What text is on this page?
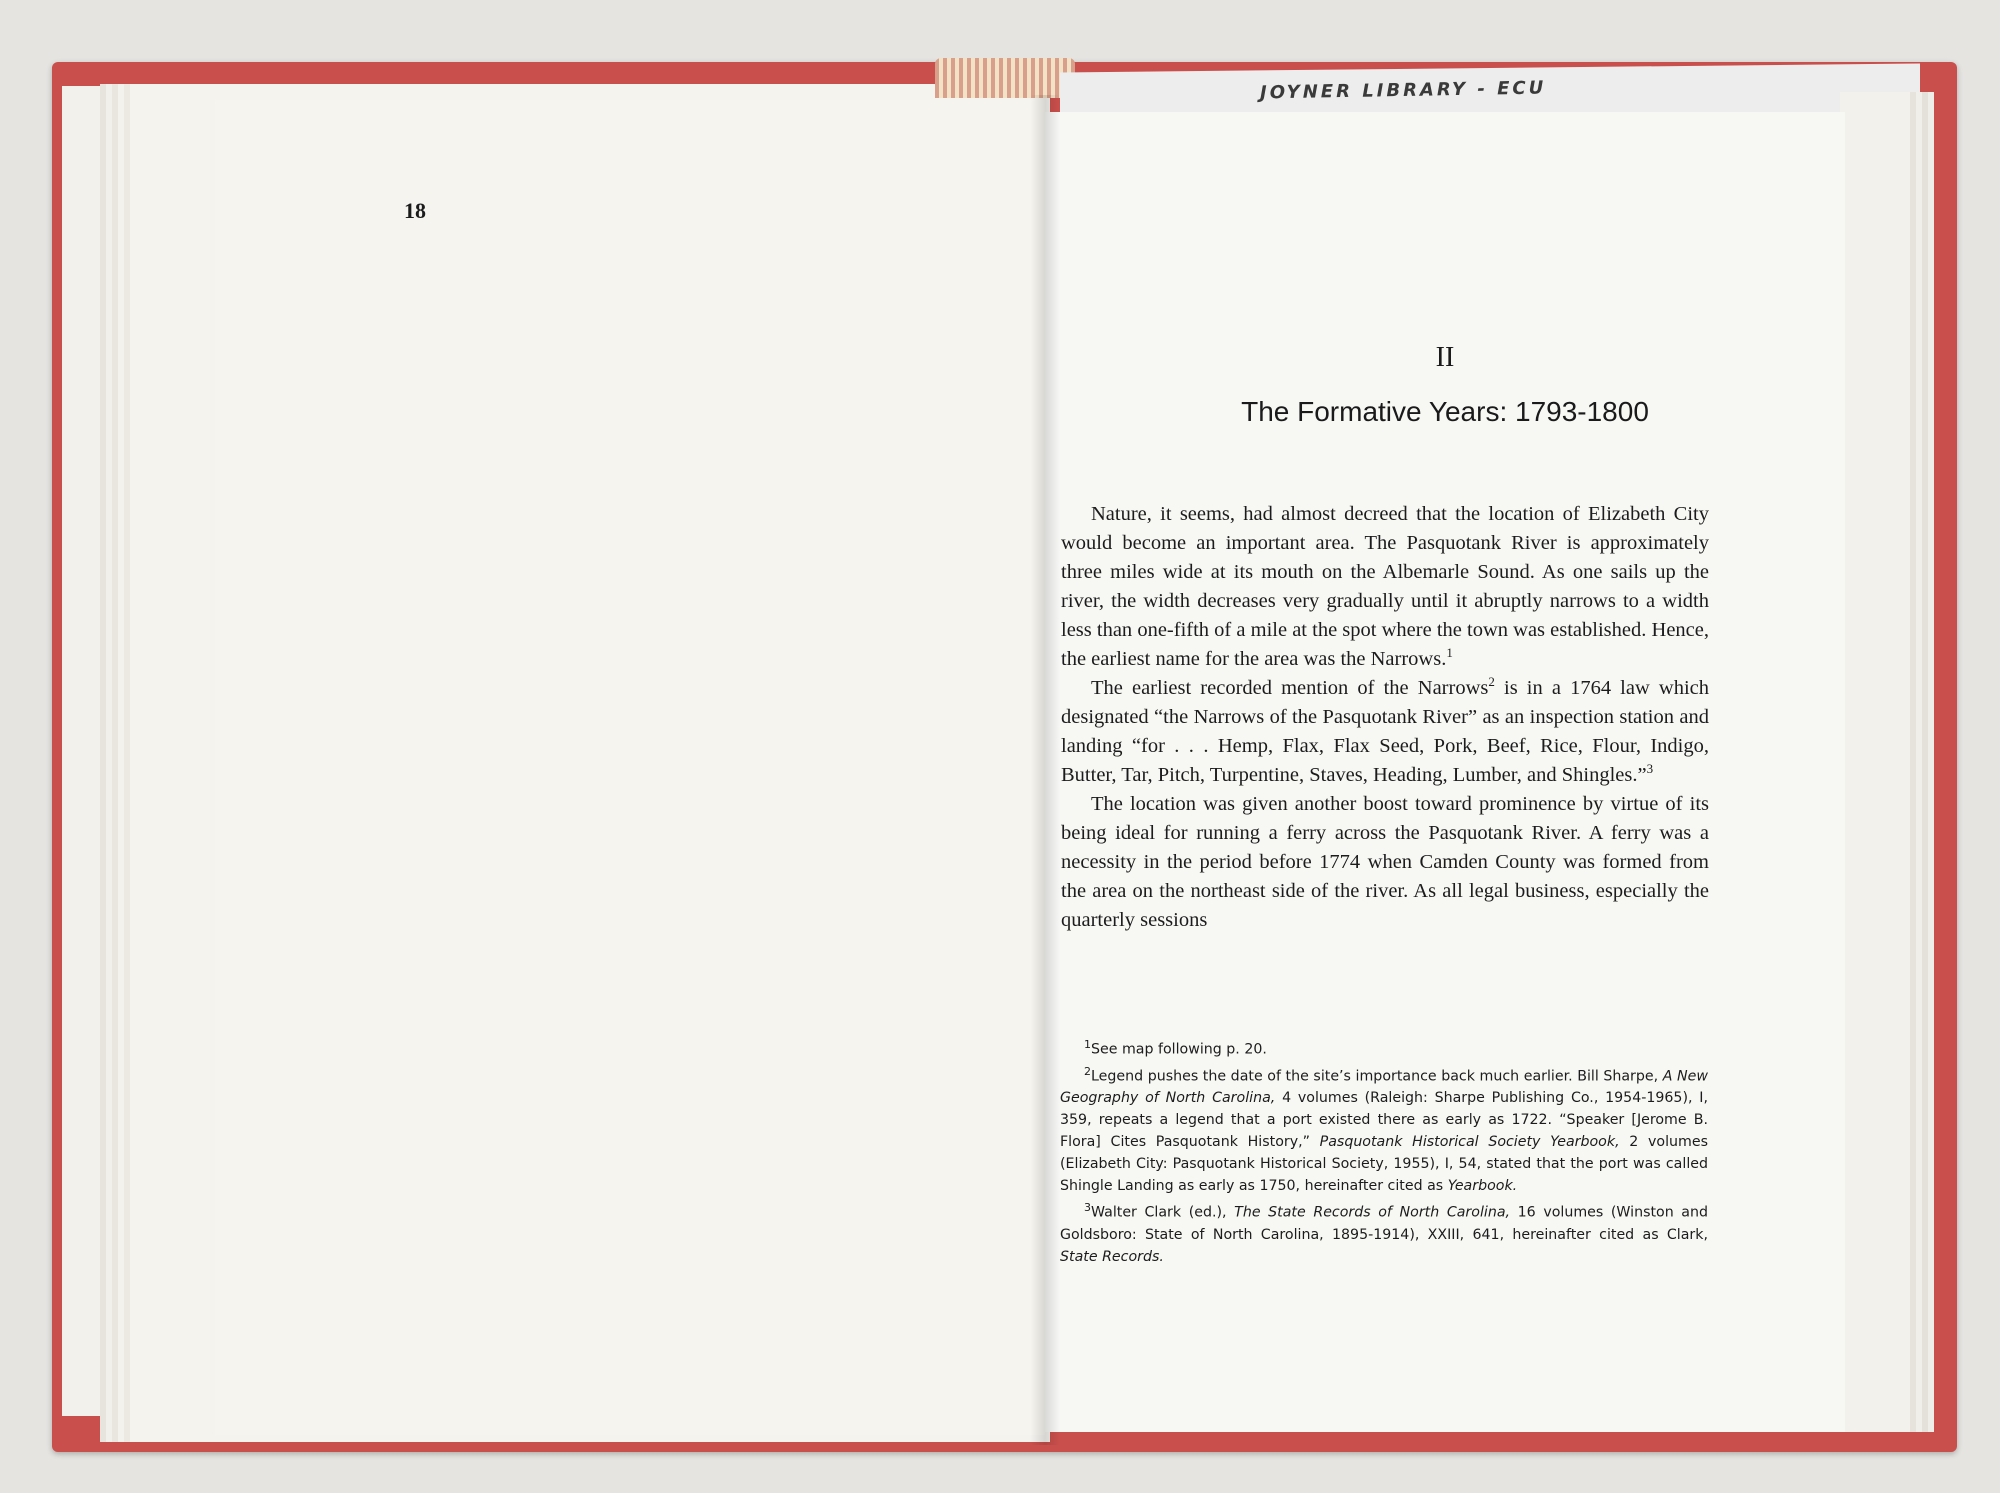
JOYNER LIBRARY - ECU
18
II
The Formative Years: 1793-1800

Nature, it seems, had almost decreed that the location of Elizabeth City would become an important area. The Pasquotank River is approximately three miles wide at its mouth on the Albemarle Sound. As one sails up the river, the width decreases very gradually until it abruptly narrows to a width less than one-fifth of a mile at the spot where the town was established. Hence, the earliest name for the area was the Narrows.$^1$

The earliest recorded mention of the Narrows$^2$ is in a 1764 law which designated “the Narrows of the Pasquotank River” as an inspection station and landing “for . . . Hemp, Flax, Flax Seed, Pork, Beef, Rice, Flour, Indigo, Butter, Tar, Pitch, Turpentine, Staves, Heading, Lumber, and Shingles.”$^3$

The location was given another boost toward prominence by virtue of its being ideal for running a ferry across the Pasquotank River. A ferry was a necessity in the period before 1774 when Camden County was formed from the area on the northeast side of the river. As all legal business, especially the quarterly sessions

$^1$See map following p. 20.

$^2$Legend pushes the date of the site’s importance back much earlier. Bill Sharpe, A New Geography of North Carolina, 4 volumes (Raleigh: Sharpe Publishing Co., 1954-1965), I, 359, repeats a legend that a port existed there as early as 1722. “Speaker [Jerome B. Flora] Cites Pasquotank History,” Pasquotank Historical Society Yearbook, 2 volumes (Elizabeth City: Pasquotank Historical Society, 1955), I, 54, stated that the port was called Shingle Landing as early as 1750, hereinafter cited as Yearbook.

$^3$Walter Clark (ed.), The State Records of North Carolina, 16 volumes (Winston and Goldsboro: State of North Carolina, 1895-1914), XXIII, 641, hereinafter cited as Clark, State Records.
